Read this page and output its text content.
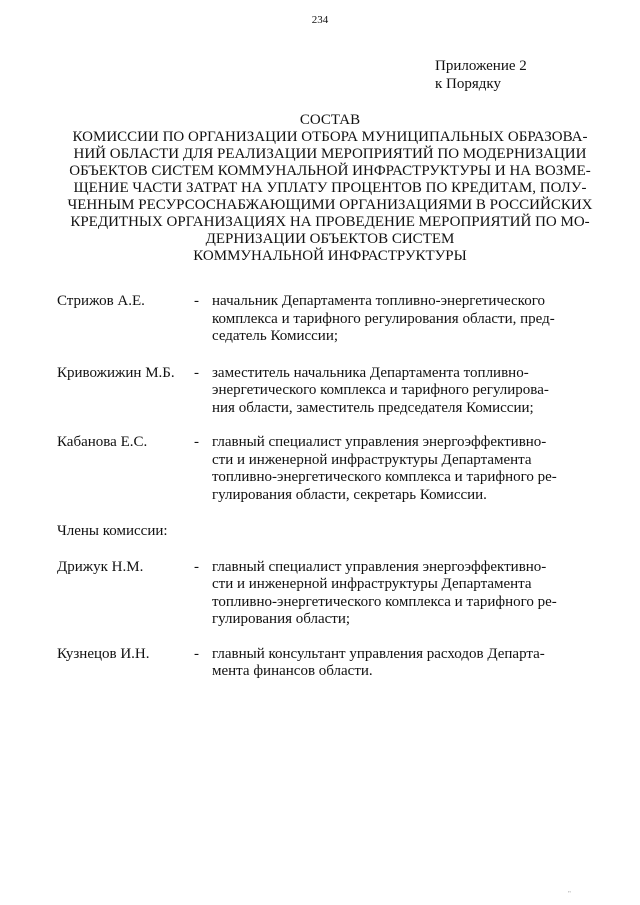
234
Приложение 2
к Порядку
СОСТАВ
КОМИССИИ ПО ОРГАНИЗАЦИИ ОТБОРА МУНИЦИПАЛЬНЫХ ОБРАЗОВА-
НИЙ ОБЛАСТИ ДЛЯ РЕАЛИЗАЦИИ МЕРОПРИЯТИЙ ПО МОДЕРНИЗАЦИИ
ОБЪЕКТОВ СИСТЕМ КОММУНАЛЬНОЙ ИНФРАСТРУКТУРЫ И НА ВОЗМЕ-
ЩЕНИЕ ЧАСТИ ЗАТРАТ НА УПЛАТУ ПРОЦЕНТОВ ПО КРЕДИТАМ, ПОЛУ-
ЧЕННЫМ РЕСУРСОСНАБЖАЮЩИМИ ОРГАНИЗАЦИЯМИ В РОССИЙСКИХ
КРЕДИТНЫХ ОРГАНИЗАЦИЯХ НА ПРОВЕДЕНИЕ МЕРОПРИЯТИЙ ПО МО-
ДЕРНИЗАЦИИ ОБЪЕКТОВ СИСТЕМ
КОММУНАЛЬНОЙ ИНФРАСТРУКТУРЫ
Стрижов А.Е.	- начальник Департамента топливно-энергетического
комплекса и тарифного регулирования области, пред-
седатель Комиссии;
Кривожижин М.Б.	- заместитель начальника Департамента топливно-
энергетического комплекса и тарифного регулирова-
ния области, заместитель председателя Комиссии;
Кабанова Е.С.	- главный специалист управления энергоэффективно-
сти и инженерной инфраструктуры Департамента
топливно-энергетического комплекса и тарифного ре-
гулирования области, секретарь Комиссии.
Члены комиссии:
Дрижук Н.М.	- главный специалист управления энергоэффективно-
сти и инженерной инфраструктуры Департамента
топливно-энергетического комплекса и тарифного ре-
гулирования области;
Кузнецов И.Н.	- главный консультант управления расходов Департа-
мента финансов области.
"
